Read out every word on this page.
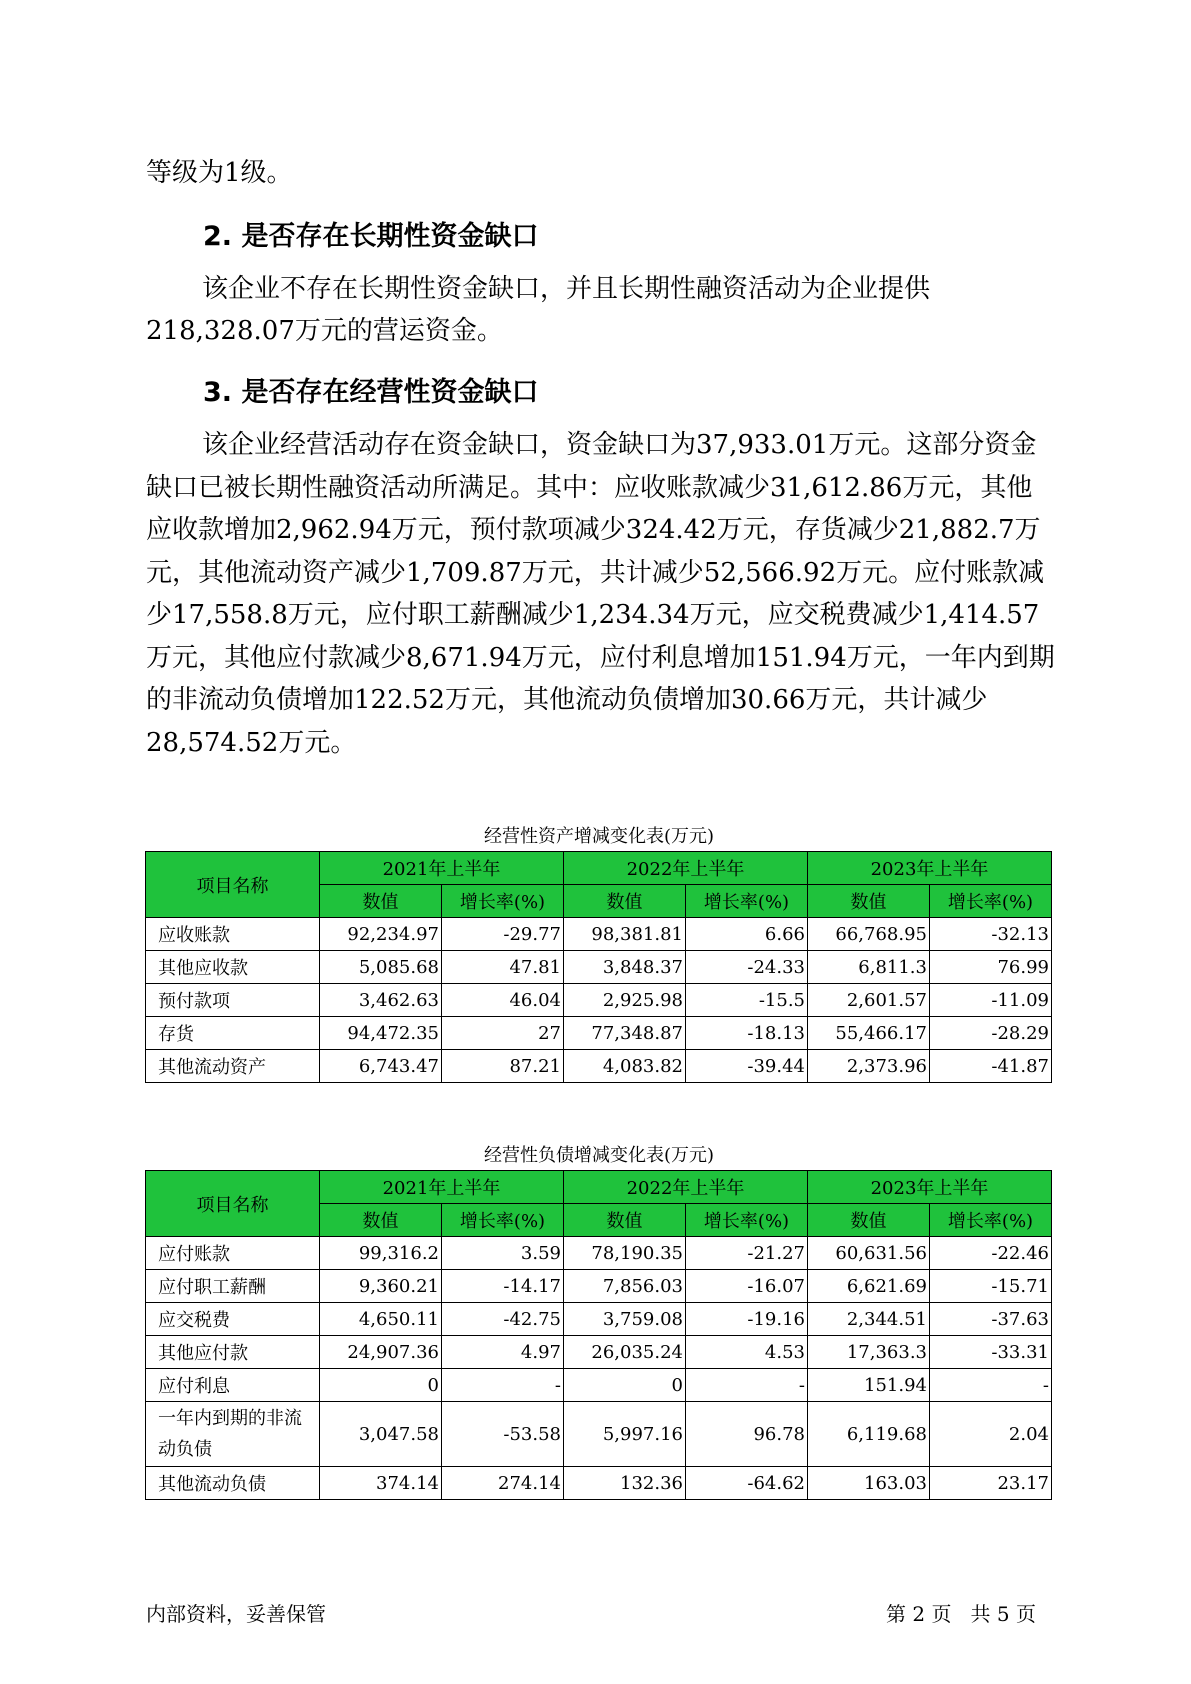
等级为1级。

2. 是否存在长期性资金缺口

该企业不存在长期性资金缺口，并且长期性融资活动为企业提供218,328.07万元的营运资金。

3. 是否存在经营性资金缺口

该企业经营活动存在资金缺口，资金缺口为37,933.01万元。这部分资金缺口已被长期性融资活动所满足。其中：应收账款减少31,612.86万元，其他应收款增加2,962.94万元，预付款项减少324.42万元，存货减少21,882.7万元，其他流动资产减少1,709.87万元，共计减少52,566.92万元。应付账款减少17,558.8万元，应付职工薪酬减少1,234.34万元，应交税费减少1,414.57万元，其他应付款减少8,671.94万元，应付利息增加151.94万元，一年内到期的非流动负债增加122.52万元，其他流动负债增加30.66万元，共计减少28,574.52万元。

经营性资产增减变化表(万元)
项目名称	2021年上半年		2022年上半年		2023年上半年	
	数值	增长率(%)	数值	增长率(%)	数值	增长率(%)
应收账款	92,234.97	-29.77	98,381.81	6.66	66,768.95	-32.13
其他应收款	5,085.68	47.81	3,848.37	-24.33	6,811.3	76.99
预付款项	3,462.63	46.04	2,925.98	-15.5	2,601.57	-11.09
存货	94,472.35	27	77,348.87	-18.13	55,466.17	-28.29
其他流动资产	6,743.47	87.21	4,083.82	-39.44	2,373.96	-41.87
经营性负债增减变化表(万元)
项目名称	2021年上半年		2022年上半年		2023年上半年	
	数值	增长率(%)	数值	增长率(%)	数值	增长率(%)
应付账款	99,316.2	3.59	78,190.35	-21.27	60,631.56	-22.46
应付职工薪酬	9,360.21	-14.17	7,856.03	-16.07	6,621.69	-15.71
应交税费	4,650.11	-42.75	3,759.08	-19.16	2,344.51	-37.63
其他应付款	24,907.36	4.97	26,035.24	4.53	17,363.3	-33.31
应付利息	0	-	0	-	151.94	-
一年内到期的非流动负债	3,047.58	-53.58	5,997.16	96.78	6,119.68	2.04
其他流动负债	374.14	274.14	132.36	-64.62	163.03	23.17
内部资料，妥善保管	第 2 页 共 5 页
